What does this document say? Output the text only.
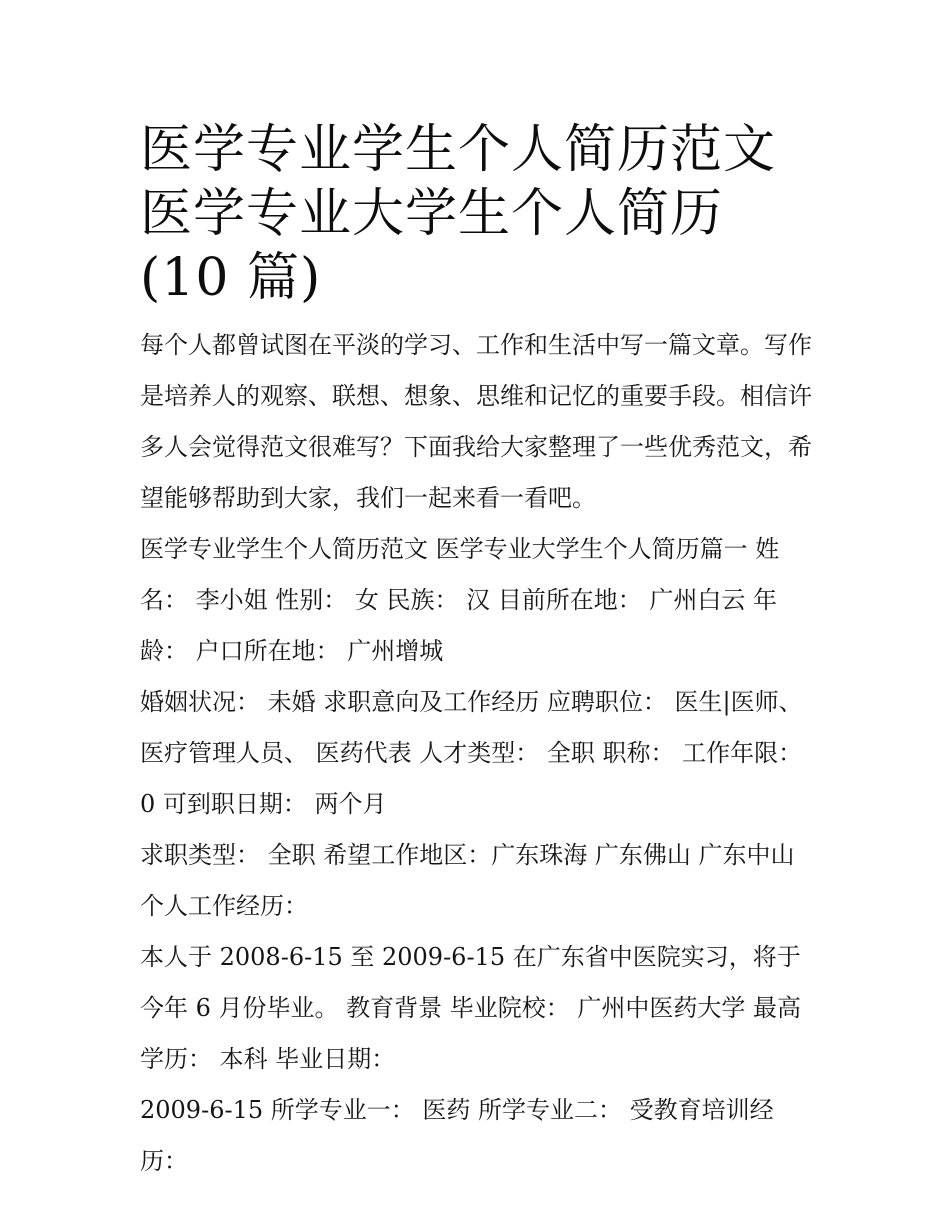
医学专业学生个人简历范文 医学专业大学生个人简历(10 篇)

每个人都曾试图在平淡的学习、工作和生活中写一篇文章。写作是培养人的观察、联想、想象、思维和记忆的重要手段。相信许多人会觉得范文很难写？下面我给大家整理了一些优秀范文，希望能够帮助到大家，我们一起来看一看吧。

医学专业学生个人简历范文 医学专业大学生个人简历篇一 姓名： 李小姐 性别： 女 民族： 汉 目前所在地： 广州白云 年龄： 户口所在地： 广州增城

婚姻状况： 未婚 求职意向及工作经历 应聘职位： 医生|医师、 医疗管理人员、 医药代表 人才类型： 全职 职称： 工作年限： 0 可到职日期： 两个月

求职类型： 全职 希望工作地区：广东珠海 广东佛山 广东中山 个人工作经历：

本人于 2008-6-15 至 2009-6-15 在广东省中医院实习，将于今年 6 月份毕业。 教育背景 毕业院校： 广州中医药大学 最高学历： 本科 毕业日期：

2009-6-15 所学专业一： 医药 所学专业二： 受教育培训经历：
